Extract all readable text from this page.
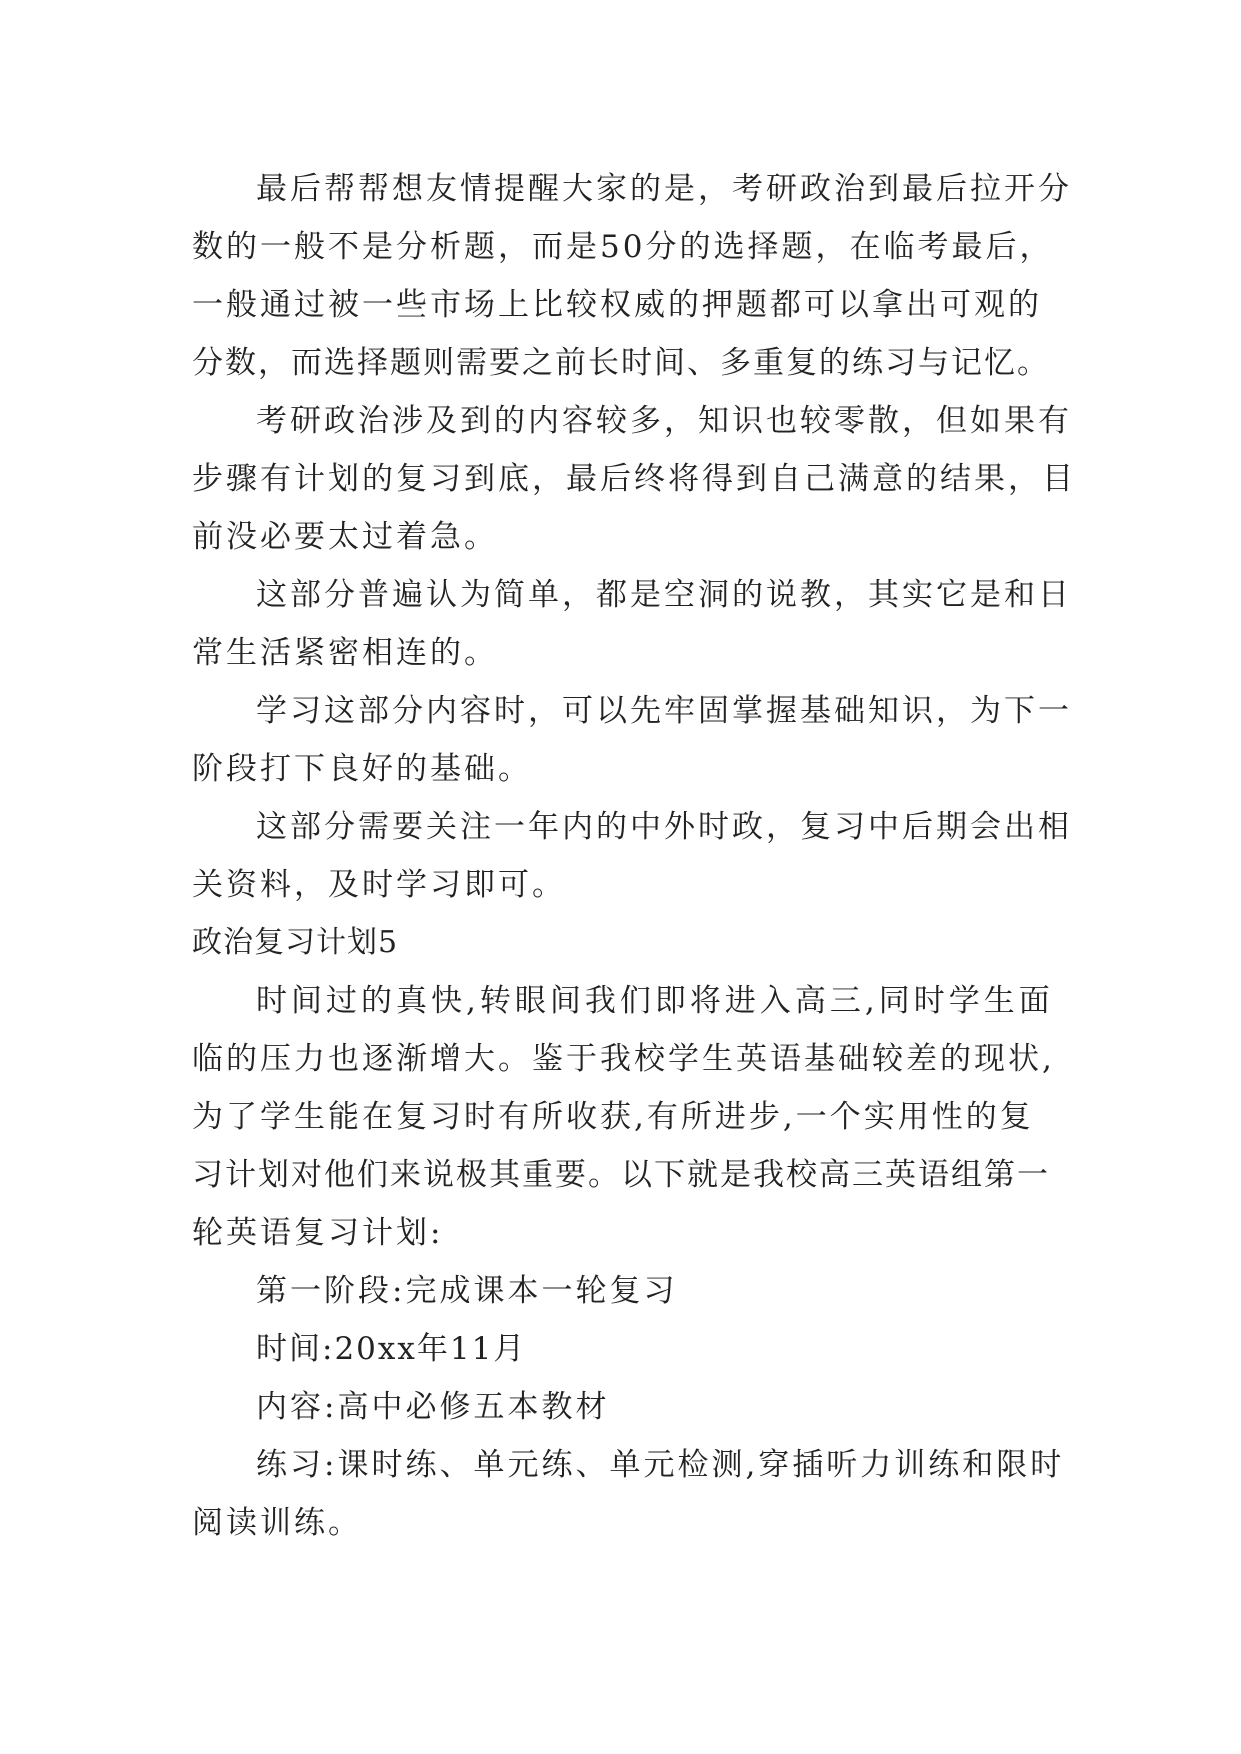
最后帮帮想友情提醒大家的是，考研政治到最后拉开分
数的一般不是分析题，而是50分的选择题，在临考最后，
一般通过被一些市场上比较权威的押题都可以拿出可观的
分数，而选择题则需要之前长时间、多重复的练习与记忆。
考研政治涉及到的内容较多，知识也较零散，但如果有
步骤有计划的复习到底，最后终将得到自己满意的结果，目
前没必要太过着急。
这部分普遍认为简单，都是空洞的说教，其实它是和日
常生活紧密相连的。
学习这部分内容时，可以先牢固掌握基础知识，为下一
阶段打下良好的基础。
这部分需要关注一年内的中外时政，复习中后期会出相
关资料，及时学习即可。
政治复习计划5
时间过的真快,转眼间我们即将进入高三,同时学生面
临的压力也逐渐增大。鉴于我校学生英语基础较差的现状,
为了学生能在复习时有所收获,有所进步,一个实用性的复
习计划对他们来说极其重要。以下就是我校高三英语组第一
轮英语复习计划:
第一阶段:完成课本一轮复习
时间:20xx年11月
内容:高中必修五本教材
练习:课时练、单元练、单元检测,穿插听力训练和限时
阅读训练。
